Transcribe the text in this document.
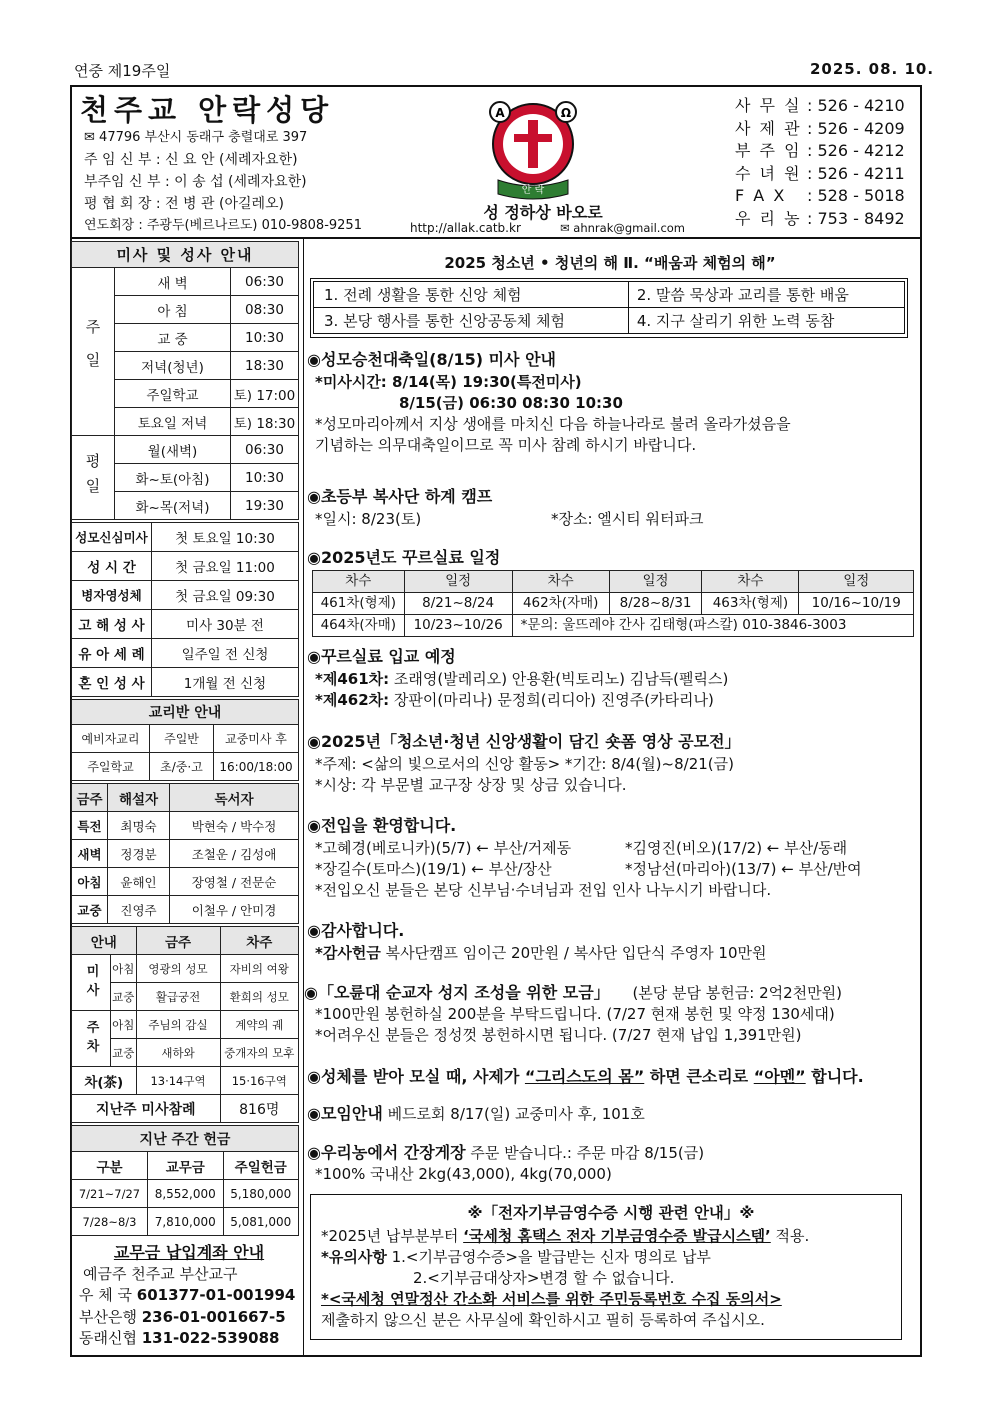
연중 제19주일	2025. 08. 10.
천주교 안락성당
✉ 47796 부산시 동래구 충렬대로 397
주 임 신 부 : 신 요 안 (세례자요한)
부주임 신 부 : 이 송 섭 (세례자요한)
평 협 회 장 : 전 병 관 (아길레오)
연도회장 : 주광두(베르나르도) 010-9808-9251
A	Ω
안 락
성 정하상 바오로
http://allak.catb.kr	✉ ahnrak@gmail.com
사 무 실 : 526 - 4210
사 제 관 : 526 - 4209
부 주 임 : 526 - 4212
수 녀 원 : 526 - 4211
F A X : 528 - 5018
우 리 농 : 753 - 8492
미사 및 성사 안내		
주일	새 벽	06:30
	아 침	08:30
	교 중	10:30
	저녁(청년)	18:30
	주일학교	토) 17:00
	토요일 저녁	토) 18:30
평일	월(새벽)	06:30
	화~토(아침)	10:30
	화~목(저녁)	19:30
성모신심미사	첫 토요일 10:30
성 시 간	첫 금요일 11:00
병자영성체	첫 금요일 09:30
고 해 성 사	미사 30분 전
유 아 세 례	일주일 전 신청
혼 인 성 사	1개월 전 신청
교리반 안내		
예비자교리	주일반	교중미사 후
주일학교	초/중·고	16:00/18:00
금주	해설자	독서자
특전	최명숙	박현숙 / 박수정
새벽	정경분	조철운 / 김성애
아침	윤해인	장영철 / 전문순
교중	진영주	이철우 / 안미경
안내		금주	차주
미사	아침	영광의 성모	자비의 여왕
	교중	활급궁전	환희의 성모
주차	아침	주님의 감실	계약의 궤
	교중	새하와	중개자의 모후
차(茶)		13·14구역	15·16구역
지난주 미사참례			816명
지난 주간 헌금		
구분	교무금	주일헌금
7/21~7/27	8,552,000	5,180,000
7/28~8/3	7,810,000	5,081,000
교무금 납입계좌 안내
예금주 천주교 부산교구
우 체 국 601377-01-001994
부산은행 236-01-001667-5
동래신협 131-022-539088
2025 청소년 • 청년의 해 Ⅱ. “배움과 체험의 해”
1. 전례 생활을 통한 신앙 체험	2. 말씀 묵상과 교리를 통한 배움
3. 본당 행사를 통한 신앙공동체 체험	4. 지구 살리기 위한 노력 동참
◉성모승천대축일(8/15) 미사 안내
*미사시간: 8/14(목) 19:30(특전미사)
8/15(금) 06:30 08:30 10:30
*성모마리아께서 지상 생애를 마치신 다음 하늘나라로 불려 올라가셨음을
기념하는 의무대축일이므로 꼭 미사 참례 하시기 바랍니다.
◉초등부 복사단 하계 캠프
*일시: 8/23(토)	*장소: 엘시티 워터파크
◉2025년도 꾸르실료 일정
차수	일정	차수	일정	차수	일정
461차(형제)	8/21~8/24	462차(자매)	8/28~8/31	463차(형제)	10/16~10/19
464차(자매)	10/23~10/26	*문의: 울뜨레야 간사 김태형(파스칼) 010-3846-3003			
◉꾸르실료 입교 예정
*제461차: 조래영(발레리오) 안용환(빅토리노) 김남득(펠릭스)
*제462차: 장판이(마리나) 문정희(리디아) 진영주(카타리나)
◉2025년「청소년·청년 신앙생활이 담긴 숏폼 영상 공모전」
*주제: <삶의 빛으로서의 신앙 활동> *기간: 8/4(월)~8/21(금)
*시상: 각 부문별 교구장 상장 및 상금 있습니다.
◉전입을 환영합니다.
*고혜경(베로니카)(5/7) ← 부산/거제동	*김영진(비오)(17/2) ← 부산/동래
*장길수(토마스)(19/1) ← 부산/장산	*정남선(마리아)(13/7) ← 부산/반여
*전입오신 분들은 본당 신부님·수녀님과 전입 인사 나누시기 바랍니다.
◉감사합니다.
*감사헌금 복사단캠프 임이근 20만원 / 복사단 입단식 주영자 10만원
◉「오륜대 순교자 성지 조성을 위한 모금」 (본당 분담 봉헌금: 2억2천만원)
*100만원 봉헌하실 200분을 부탁드립니다. (7/27 현재 봉헌 및 약정 130세대)
*어려우신 분들은 정성껏 봉헌하시면 됩니다. (7/27 현재 납입 1,391만원)
◉성체를 받아 모실 때, 사제가 “그리스도의 몸” 하면 큰소리로 “아멘” 합니다.
◉모임안내 베드로회 8/17(일) 교중미사 후, 101호
◉우리농에서 간장게장 주문 받습니다.: 주문 마감 8/15(금)
*100% 국내산 2kg(43,000), 4kg(70,000)
※「전자기부금영수증 시행 관련 안내」※
*2025년 납부분부터 ‘국세청 홈택스 전자 기부금영수증 발급시스템’ 적용.
*유의사항 1.<기부금영수증>을 발급받는 신자 명의로 납부
2.<기부금대상자>변경 할 수 없습니다.
*<국세청 연말정산 간소화 서비스를 위한 주민등록번호 수집 동의서>
제출하지 않으신 분은 사무실에 확인하시고 필히 등록하여 주십시오.
